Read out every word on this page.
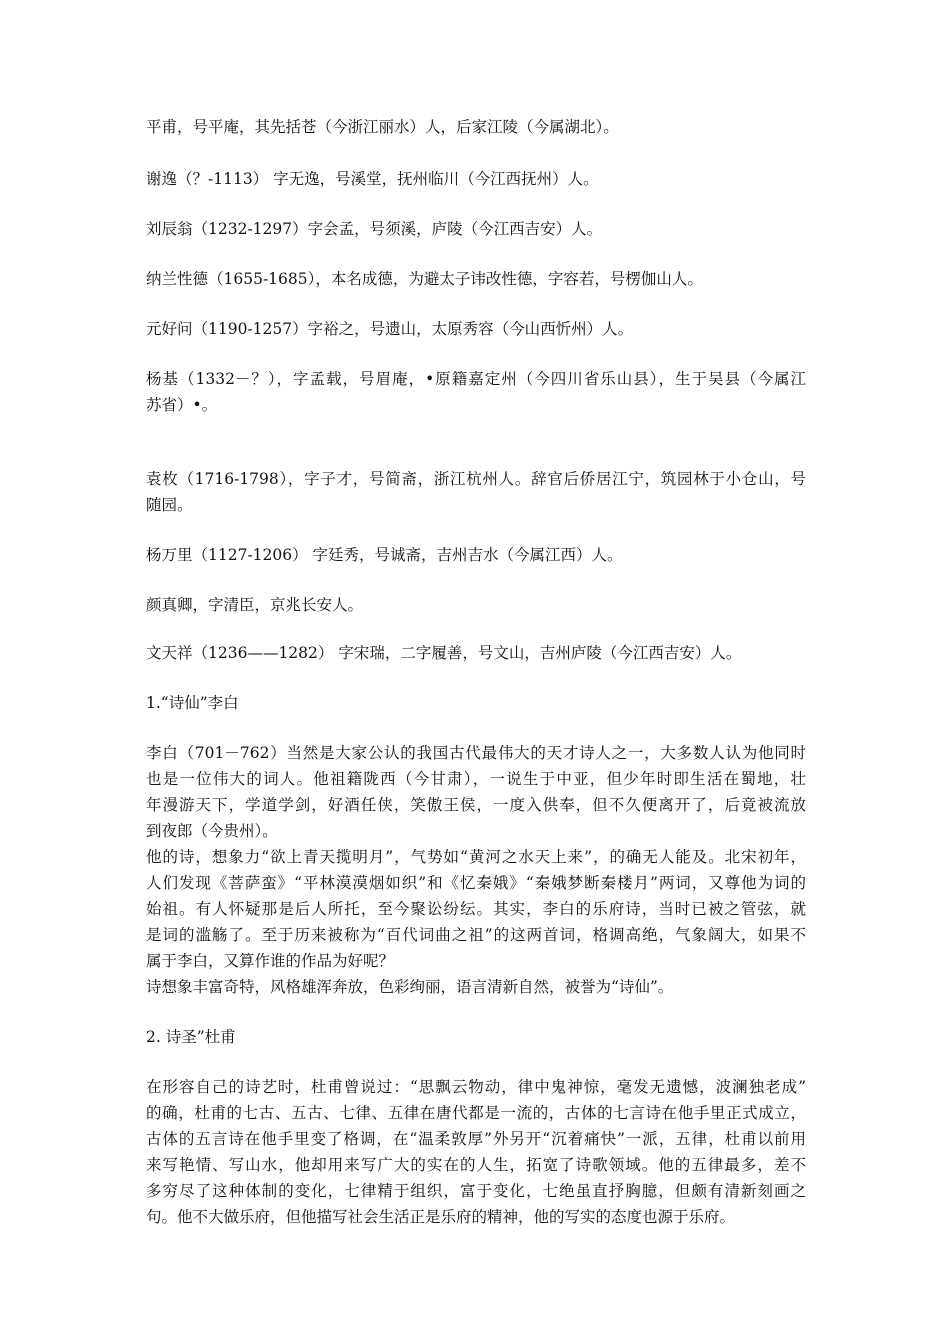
平甫，号平庵，其先括苍（今浙江丽水）人，后家江陵（今属湖北）。
谢逸（？-1113） 字无逸，号溪堂，抚州临川（今江西抚州）人。
刘辰翁（1232-1297）字会孟，号须溪，庐陵（今江西吉安）人。
纳兰性德（1655-1685），本名成德，为避太子讳改性德，字容若，号楞伽山人。
元好问（1190-1257）字裕之，号遗山，太原秀容（今山西忻州）人。
杨基（1332－？），字孟载，号眉庵，•原籍嘉定州（今四川省乐山县），生于吴县（今属江
苏省）•。
袁枚（1716-1798），字子才，号简斋，浙江杭州人。辞官后侨居江宁，筑园林于小仓山，号
随园。
杨万里（1127-1206） 字廷秀，号诚斋，吉州吉水（今属江西）人。
颜真卿，字清臣，京兆长安人。
文天祥（1236——1282） 字宋瑞，二字履善，号文山，吉州庐陵（今江西吉安）人。
1.“诗仙”李白
李白（701－762）当然是大家公认的我国古代最伟大的天才诗人之一，大多数人认为他同时
也是一位伟大的词人。他祖籍陇西（今甘肃），一说生于中亚，但少年时即生活在蜀地，壮
年漫游天下，学道学剑，好酒任侠，笑傲王侯，一度入供奉，但不久便离开了，后竟被流放
到夜郎（今贵州）。
他的诗，想象力“欲上青天揽明月”，气势如“黄河之水天上来”，的确无人能及。北宋初年，
人们发现《菩萨蛮》“平林漠漠烟如织”和《忆秦娥》“秦娥梦断秦楼月”两词，又尊他为词的
始祖。有人怀疑那是后人所托，至今聚讼纷纭。其实，李白的乐府诗，当时已被之管弦，就
是词的滥觞了。至于历来被称为“百代词曲之祖”的这两首词，格调高绝，气象阔大，如果不
属于李白，又算作谁的作品为好呢？
诗想象丰富奇特，风格雄浑奔放，色彩绚丽，语言清新自然，被誉为“诗仙”。
2. 诗圣”杜甫
在形容自己的诗艺时，杜甫曾说过：“思飘云物动，律中鬼神惊，毫发无遗憾，波澜独老成”
的确，杜甫的七古、五古、七律、五律在唐代都是一流的，古体的七言诗在他手里正式成立，
古体的五言诗在他手里变了格调，在“温柔敦厚”外另开“沉着痛快”一派，五律，杜甫以前用
来写艳情、写山水，他却用来写广大的实在的人生，拓宽了诗歌领域。他的五律最多，差不
多穷尽了这种体制的变化，七律精于组织，富于变化，七绝虽直抒胸臆，但颇有清新刻画之
句。他不大做乐府，但他描写社会生活正是乐府的精神，他的写实的态度也源于乐府。
